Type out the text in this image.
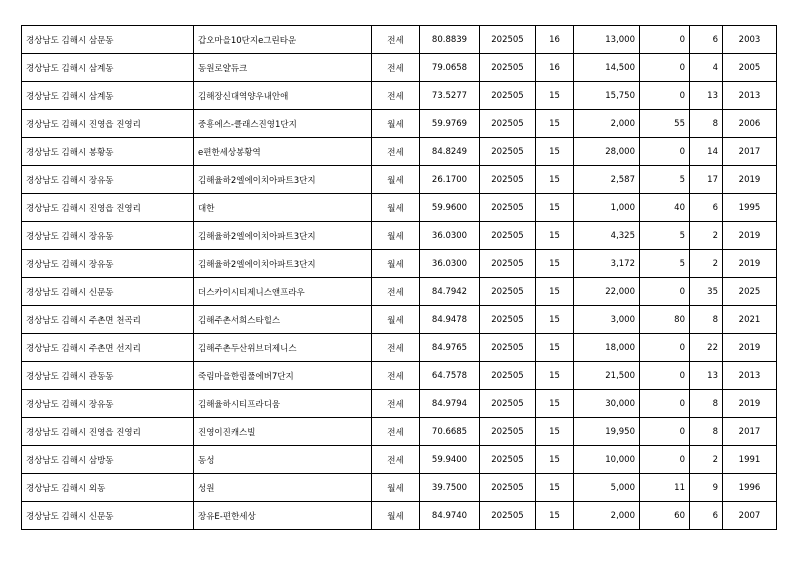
경상남도 김해시 삼문동	갑오마을10단지e그린타운	전세	80.8839	202505	16	13,000	0	6	2003
경상남도 김해시 삼계동	동원로얄듀크	전세	79.0658	202505	16	14,500	0	4	2005
경상남도 김해시 삼계동	김해장신대역양우내안애	전세	73.5277	202505	15	15,750	0	13	2013
경상남도 김해시 진영읍 진영리	중흥에스-클래스진영1단지	월세	59.9769	202505	15	2,000	55	8	2006
경상남도 김해시 봉황동	e편한세상봉황역	전세	84.8249	202505	15	28,000	0	14	2017
경상남도 김해시 장유동	김해율하2엘에이치아파트3단지	월세	26.1700	202505	15	2,587	5	17	2019
경상남도 김해시 진영읍 진영리	대한	월세	59.9600	202505	15	1,000	40	6	1995
경상남도 김해시 장유동	김해율하2엘에이치아파트3단지	월세	36.0300	202505	15	4,325	5	2	2019
경상남도 김해시 장유동	김해율하2엘에이치아파트3단지	월세	36.0300	202505	15	3,172	5	2	2019
경상남도 김해시 신문동	더스카이시티제니스앤프라우	전세	84.7942	202505	15	22,000	0	35	2025
경상남도 김해시 주촌면 천곡리	김해주촌서희스타힐스	월세	84.9478	202505	15	3,000	80	8	2021
경상남도 김해시 주촌면 선지리	김해주촌두산위브더제니스	전세	84.9765	202505	15	18,000	0	22	2019
경상남도 김해시 관동동	죽림마을한림풀에버7단지	전세	64.7578	202505	15	21,500	0	13	2013
경상남도 김해시 장유동	김해율하시티프라디움	전세	84.9794	202505	15	30,000	0	8	2019
경상남도 김해시 진영읍 진영리	진영이진캐스빌	전세	70.6685	202505	15	19,950	0	8	2017
경상남도 김해시 삼방동	동성	전세	59.9400	202505	15	10,000	0	2	1991
경상남도 김해시 외동	성원	월세	39.7500	202505	15	5,000	11	9	1996
경상남도 김해시 신문동	장유E-편한세상	월세	84.9740	202505	15	2,000	60	6	2007
